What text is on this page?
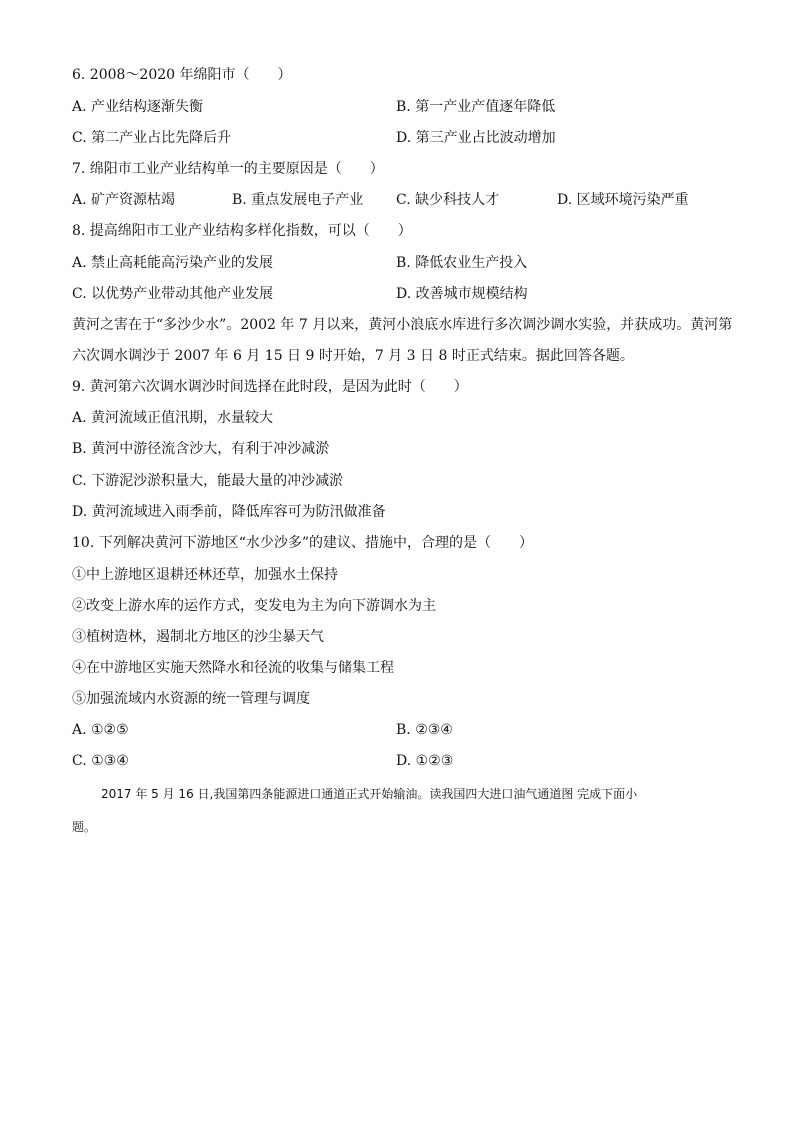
6. 2008～2020 年绵阳市（　　）
A. 产业结构逐渐失衡	B. 第一产业产值逐年降低
C. 第二产业占比先降后升	D. 第三产业占比波动增加
7. 绵阳市工业产业结构单一的主要原因是（　　）
A. 矿产资源枯竭	B. 重点发展电子产业 C. 缺少科技人才	D. 区域环境污染严重
8. 提高绵阳市工业产业结构多样化指数，可以（　　）
A. 禁止高耗能高污染产业的发展	B. 降低农业生产投入
C. 以优势产业带动其他产业发展	D. 改善城市规模结构
黄河之害在于“多沙少水”。2002 年 7 月以来，黄河小浪底水库进行多次调沙调水实验，并获成功。黄河第
六次调水调沙于 2007 年 6 月 15 日 9 时开始，7 月 3 日 8 时正式结束。据此回答各题。
9. 黄河第六次调水调沙时间选择在此时段，是因为此时（　　）
A. 黄河流域正值汛期，水量较大
B. 黄河中游径流含沙大，有利于冲沙减淤
C. 下游泥沙淤积量大，能最大量的冲沙减淤
D. 黄河流域进入雨季前，降低库容可为防汛做准备
10. 下列解决黄河下游地区“水少沙多”的建议、措施中，合理的是（　　）
①中上游地区退耕还林还草，加强水土保持
②改变上游水库的运作方式，变发电为主为向下游调水为主
③植树造林，遏制北方地区的沙尘暴天气
④在中游地区实施天然降水和径流的收集与储集工程
⑤加强流域内水资源的统一管理与调度
A. ①②⑤	B. ②③④
C. ①③④	D. ①②③
2017 年 5 月 16 日,我国第四条能源进口通道正式开始输油。读我国四大进口油气通道图 完成下面小
题。
